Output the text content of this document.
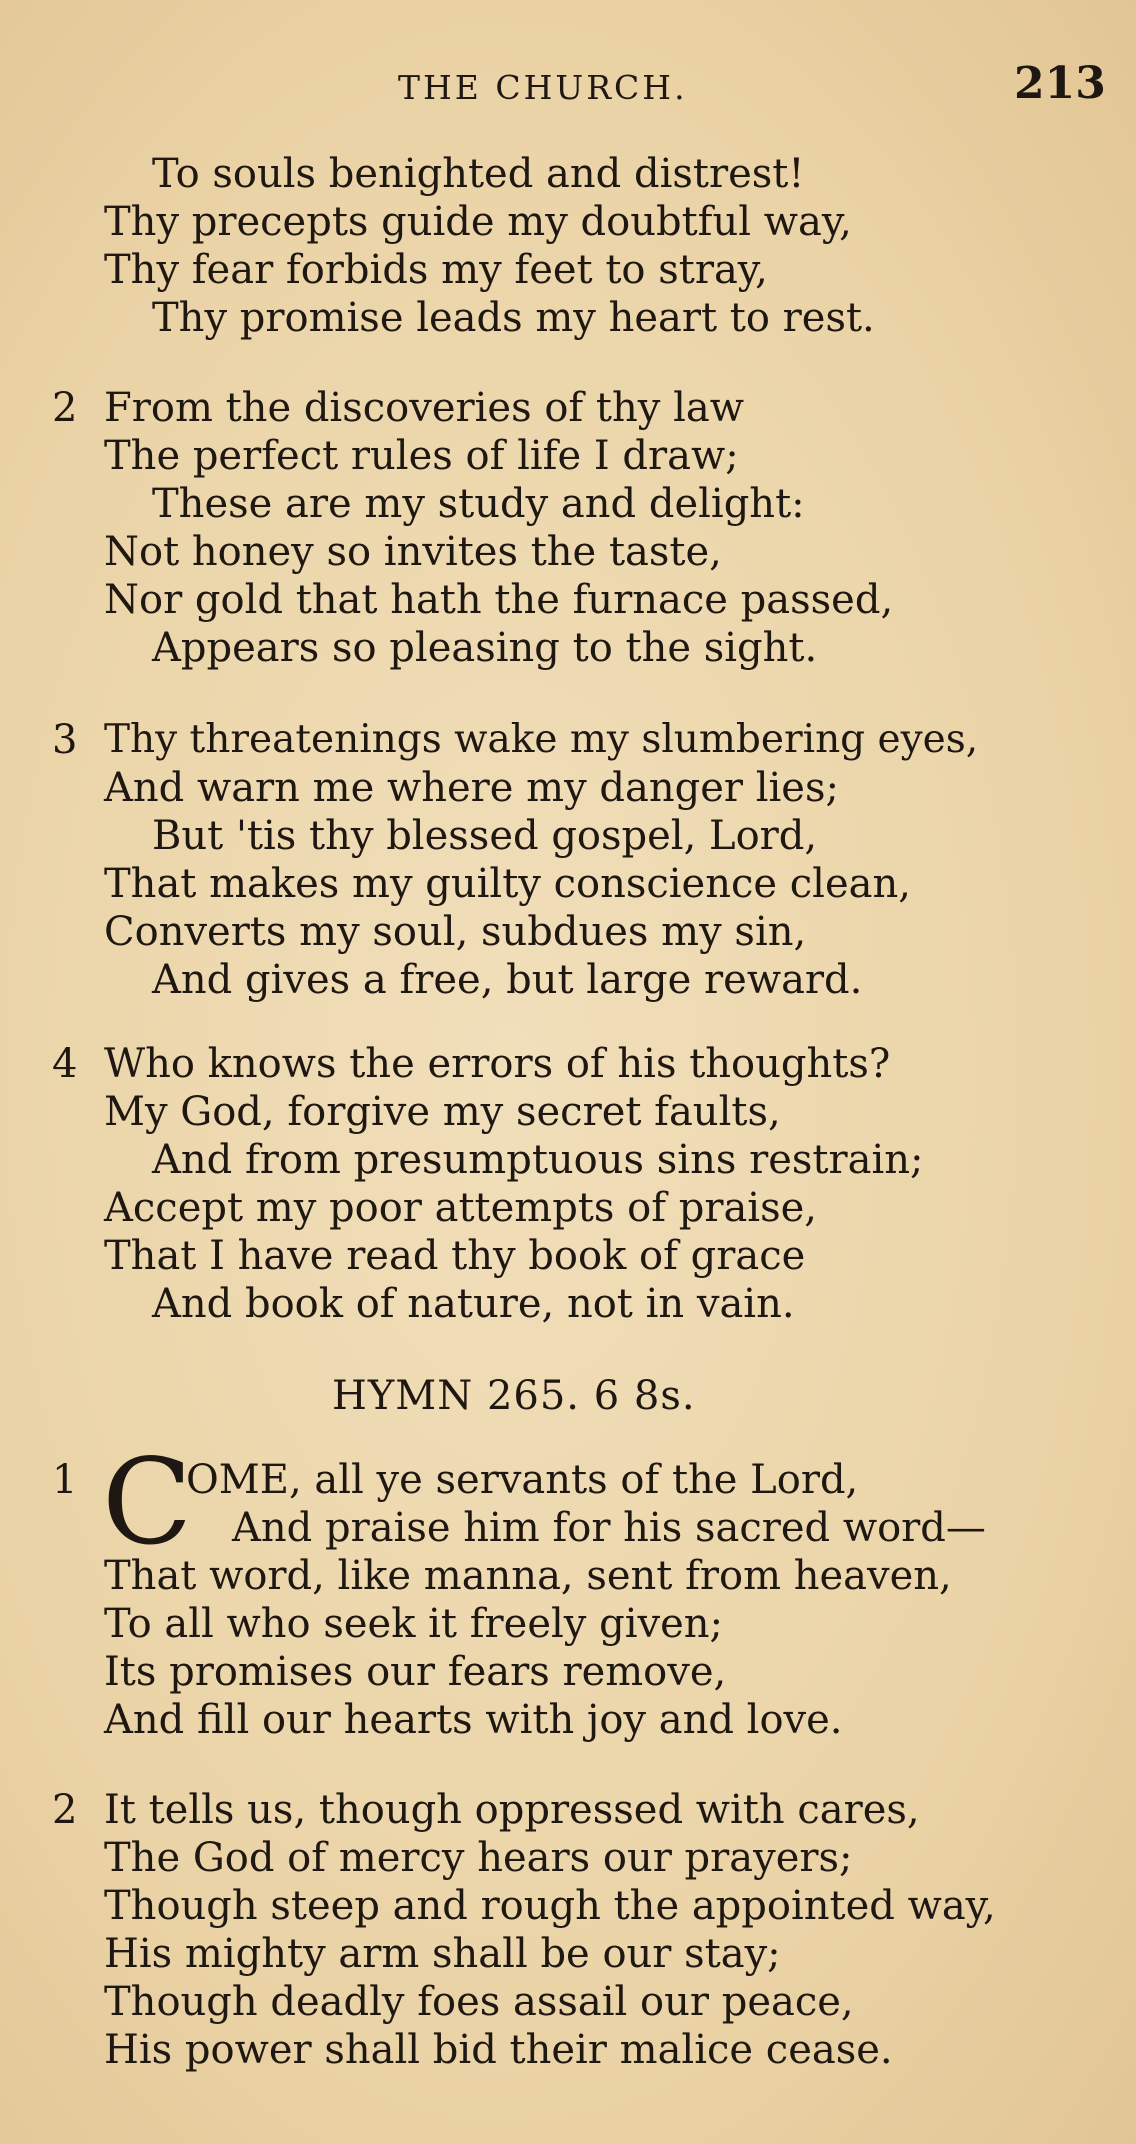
THE CHURCH.	213
To souls benighted and distrest!
Thy precepts guide my doubtful way,
Thy fear forbids my feet to stray,
Thy promise leads my heart to rest.
2 From the discoveries of thy law
The perfect rules of life I draw;
These are my study and delight:
Not honey so invites the taste,
Nor gold that hath the furnace passed,
Appears so pleasing to the sight.
3 Thy threatenings wake my slumbering eyes,
And warn me where my danger lies;
But 'tis thy blessed gospel, Lord,
That makes my guilty conscience clean,
Converts my soul, subdues my sin,
And gives a free, but large reward.
4 Who knows the errors of his thoughts?
My God, forgive my secret faults,
And from presumptuous sins restrain;
Accept my poor attempts of praise,
That I have read thy book of grace
And book of nature, not in vain.
HYMN 265. 6 8s.
1 C
OME, all ye servants of the Lord,
And praise him for his sacred word—
That word, like manna, sent from heaven,
To all who seek it freely given;
Its promises our fears remove,
And fill our hearts with joy and love.
2 It tells us, though oppressed with cares,
The God of mercy hears our prayers;
Though steep and rough the appointed way,
His mighty arm shall be our stay;
Though deadly foes assail our peace,
His power shall bid their malice cease.
